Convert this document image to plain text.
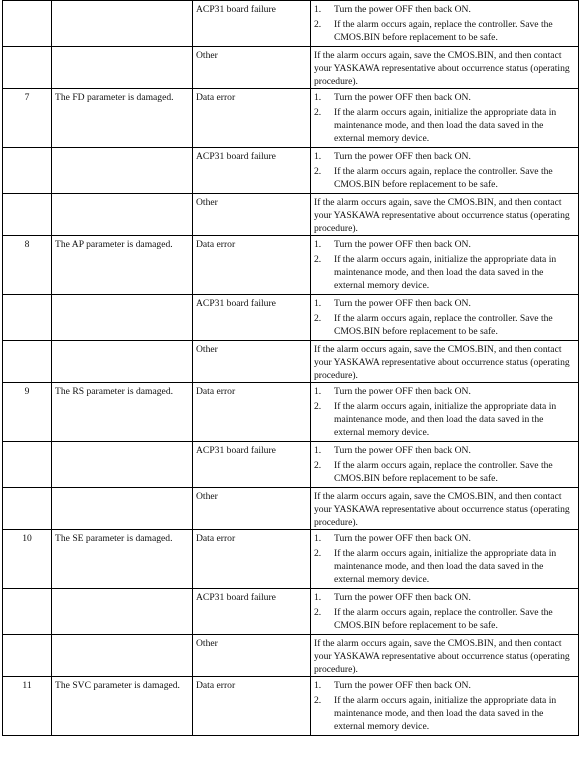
		ACP31 board failure	1. Turn the power OFF then back ON.
2. If the alarm occurs again, replace the controller. Save the CMOS.BIN before replacement to be safe.

		Other	If the alarm occurs again, save the CMOS.BIN, and then contact your YASKAWA representative about occurrence status (operating procedure).

7	The FD parameter is damaged.	Data error	1. Turn the power OFF then back ON.
2. If the alarm occurs again, initialize the appropriate data in maintenance mode, and then load the data saved in the external memory device.

		ACP31 board failure	1. Turn the power OFF then back ON.
2. If the alarm occurs again, replace the controller. Save the CMOS.BIN before replacement to be safe.

		Other	If the alarm occurs again, save the CMOS.BIN, and then contact your YASKAWA representative about occurrence status (operating procedure).

8	The AP parameter is damaged.	Data error	1. Turn the power OFF then back ON.
2. If the alarm occurs again, initialize the appropriate data in maintenance mode, and then load the data saved in the external memory device.

		ACP31 board failure	1. Turn the power OFF then back ON.
2. If the alarm occurs again, replace the controller. Save the CMOS.BIN before replacement to be safe.

		Other	If the alarm occurs again, save the CMOS.BIN, and then contact your YASKAWA representative about occurrence status (operating procedure).

9	The RS parameter is damaged.	Data error	1. Turn the power OFF then back ON.
2. If the alarm occurs again, initialize the appropriate data in maintenance mode, and then load the data saved in the external memory device.

		ACP31 board failure	1. Turn the power OFF then back ON.
2. If the alarm occurs again, replace the controller. Save the CMOS.BIN before replacement to be safe.

		Other	If the alarm occurs again, save the CMOS.BIN, and then contact your YASKAWA representative about occurrence status (operating procedure).

10	The SE parameter is damaged.	Data error	1. Turn the power OFF then back ON.
2. If the alarm occurs again, initialize the appropriate data in maintenance mode, and then load the data saved in the external memory device.

		ACP31 board failure	1. Turn the power OFF then back ON.
2. If the alarm occurs again, replace the controller. Save the CMOS.BIN before replacement to be safe.

		Other	If the alarm occurs again, save the CMOS.BIN, and then contact your YASKAWA representative about occurrence status (operating procedure).

11	The SVC parameter is damaged.	Data error	1. Turn the power OFF then back ON.
2. If the alarm occurs again, initialize the appropriate data in maintenance mode, and then load the data saved in the external memory device.
